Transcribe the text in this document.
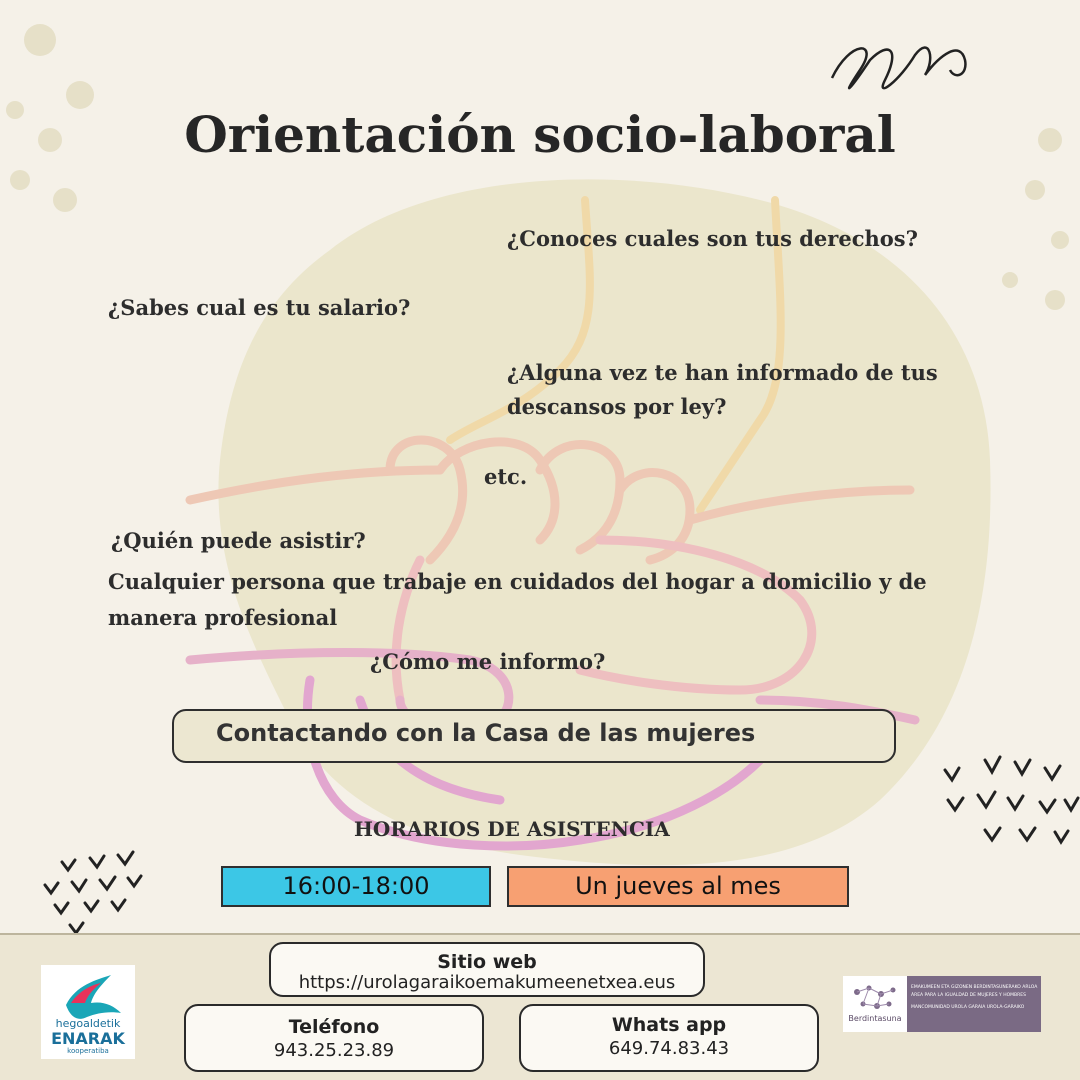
Orientación socio-laboral
¿Conoces cuales son tus derechos?
¿Sabes cual es tu salario?
¿Alguna vez te han informado de tus
descansos por ley?
etc.
¿Quién puede asistir?
Cualquier persona que trabaje en cuidados del hogar a domicilio y de
manera profesional
¿Cómo me informo?
Contactando con la Casa de las mujeres
HORARIOS DE ASISTENCIA
16:00-18:00	Un jueves al mes
hegoaldetik
ENARAK
kooperatiba
Sitio web
https://urolagaraikoemakumeenetxea.eus
Teléfono
943.25.23.89
Whats app
649.74.83.43
Berdintasuna
EMAKUMEEN ETA GIZONEN BERDINTASUNERAKO ARLOA
ÁREA PARA LA IGUALDAD DE MUJERES Y HOMBRES
MANCOMUNIDAD UROLA GARAIA UROLA-GARAIKO
